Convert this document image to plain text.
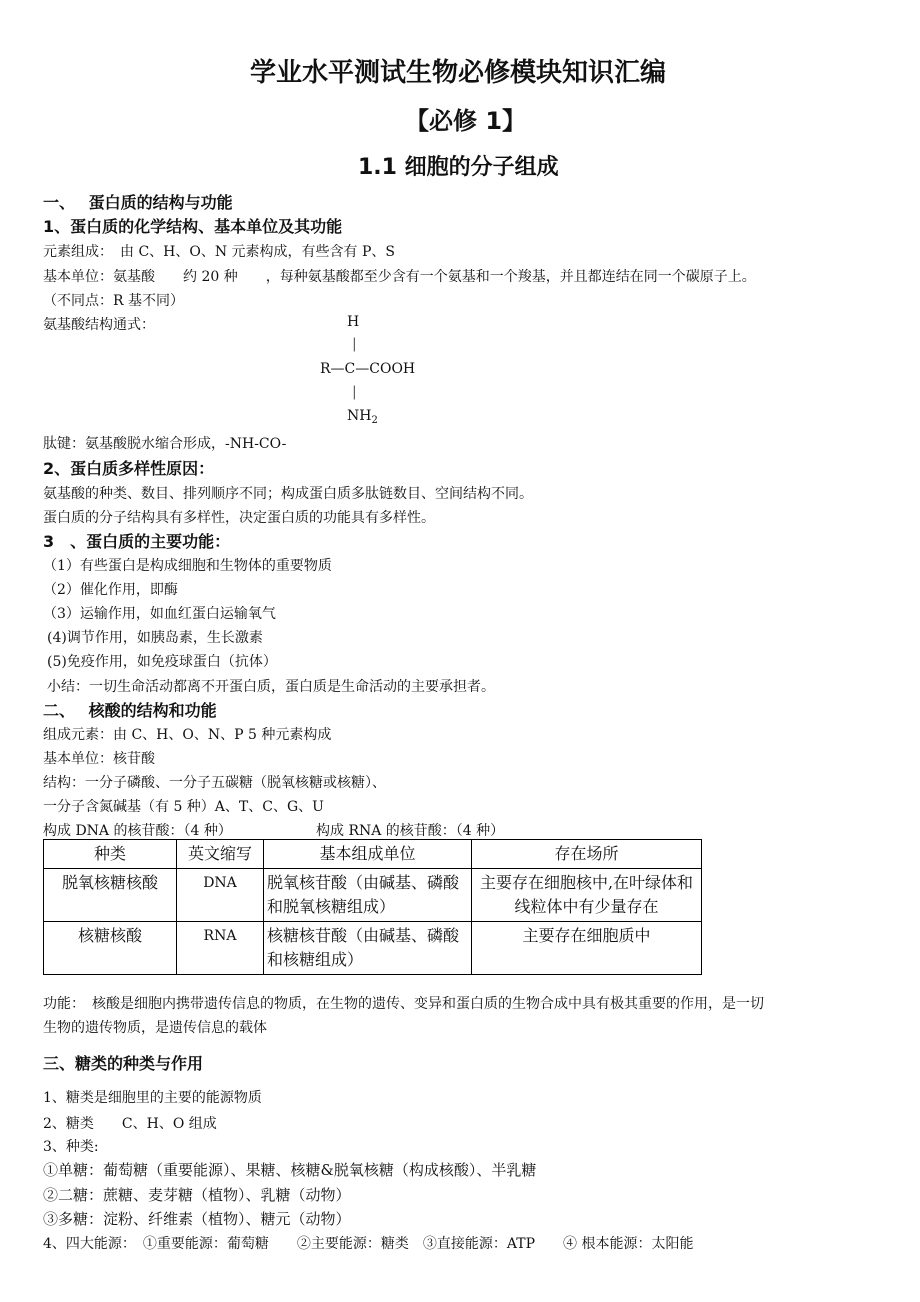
学业水平测试生物必修模块知识汇编
【必修 1】
1.1 细胞的分子组成
一、　 蛋白质的结构与功能
1、蛋白质的化学结构、基本单位及其功能
元素组成：　由 C、H、O、N 元素构成，有些含有 P、S
基本单位：氨基酸　　约 20 种　　，每种氨基酸都至少含有一个氨基和一个羧基，并且都连结在同一个碳原子上。
（不同点：R 基不同）
氨基酸结构通式：	H
|
R—C—COOH
|
$NH_2$
肽键：氨基酸脱水缩合形成，-NH-CO-
2、蛋白质多样性原因：
氨基酸的种类、数目、排列顺序不同；构成蛋白质多肽链数目、空间结构不同。
蛋白质的分子结构具有多样性，决定蛋白质的功能具有多样性。
3　、蛋白质的主要功能：
（1）有些蛋白是构成细胞和生物体的重要物质
（2）催化作用，即酶
（3）运输作用，如血红蛋白运输氧气
(4)调节作用，如胰岛素，生长激素
(5)免疫作用，如免疫球蛋白（抗体）
小结：一切生命活动都离不开蛋白质，蛋白质是生命活动的主要承担者。
二、　 核酸的结构和功能
组成元素：由 C、H、O、N、P 5 种元素构成
基本单位：核苷酸
结构：一分子磷酸、一分子五碳糖（脱氧核糖或核糖）、
一分子含氮碱基（有 5 种）A、T、C、G、U
构成 DNA 的核苷酸：（4 种）	构成 RNA 的核苷酸：（4 种）
种类	英文缩写	基本组成单位	存在场所
脱氧核糖核酸	DNA	脱氧核苷酸（由碱基、磷酸和脱氧核糖组成）	主要存在细胞核中,在叶绿体和线粒体中有少量存在
核糖核酸	RNA	核糖核苷酸（由碱基、磷酸和核糖组成）	主要存在细胞质中
功能：　核酸是细胞内携带遗传信息的物质，在生物的遗传、变异和蛋白质的生物合成中具有极其重要的作用，是一切
生物的遗传物质，是遗传信息的载体
三、糖类的种类与作用
1、糖类是细胞里的主要的能源物质
2、糖类　　C、H、O 组成
3、种类:
①单糖：葡萄糖（重要能源）、果糖、核糖&脱氧核糖（构成核酸）、半乳糖
②二糖：蔗糖、麦芽糖（植物）、乳糖（动物）
③多糖：淀粉、纤维素（植物）、糖元（动物）
4、四大能源：　①重要能源：葡萄糖　　②主要能源：糖类　③直接能源：ATP　　④ 根本能源：太阳能
